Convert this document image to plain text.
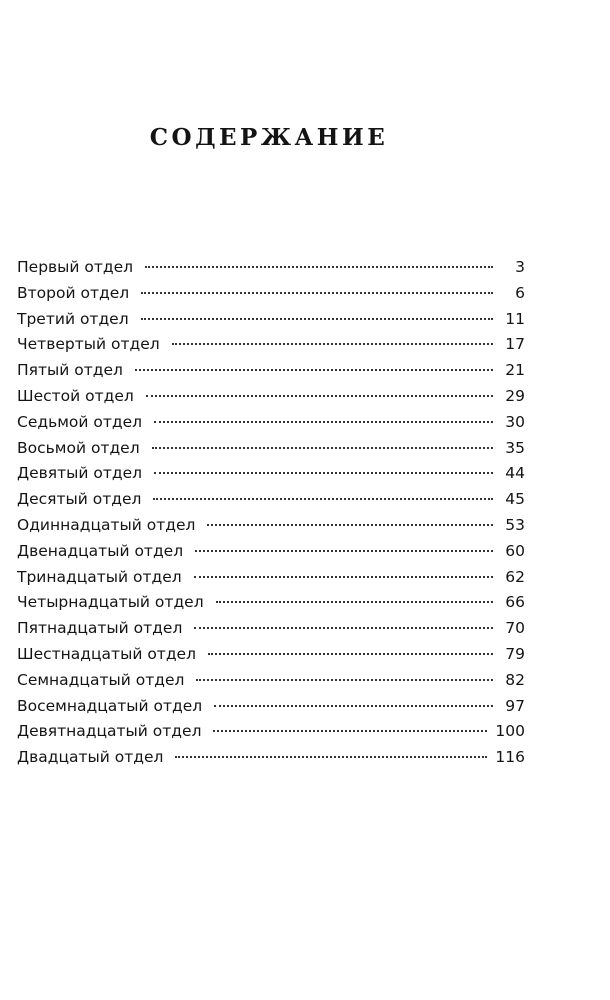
СОДЕРЖАНИЕ
Первый отдел	3
Второй отдел	6
Третий отдел	11
Четвертый отдел	17
Пятый отдел	21
Шестой отдел	29
Седьмой отдел	30
Восьмой отдел	35
Девятый отдел	44
Десятый отдел	45
Одиннадцатый отдел	53
Двенадцатый отдел	60
Тринадцатый отдел	62
Четырнадцатый отдел	66
Пятнадцатый отдел	70
Шестнадцатый отдел	79
Семнадцатый отдел	82
Восемнадцатый отдел	97
Девятнадцатый отдел	100
Двадцатый отдел	116
